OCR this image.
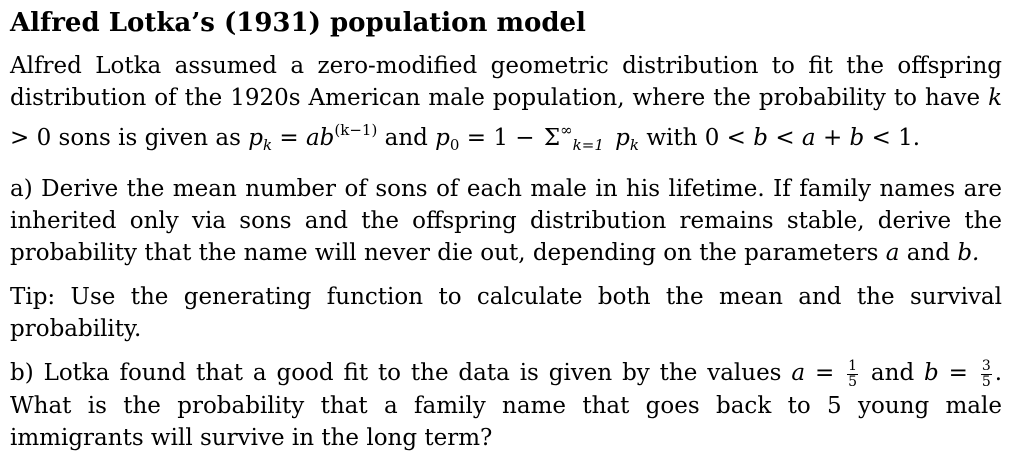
Alfred Lotka’s (1931) population model

Alfred Lotka assumed a zero-modified geometric distribution to fit the offspring distribution of the 1920s American male population, where the probability to have k > 0 sons is given as $p_k = ab^{(k-1)}$ and $p_0 = 1 - \Sigma^\infty_{k=1}$ $p_k$ with 0 < b < a + b < 1.

a) Derive the mean number of sons of each male in his lifetime. If family names are inherited only via sons and the offspring distribution remains stable, derive the probability that the name will never die out, depending on the parameters a and b.

Tip: Use the generating function to calculate both the mean and the survival probability.

b) Lotka found that a good fit to the data is given by the values $a = \frac{1}{5}$ and $b = \frac{3}{5}$ . What is the probability that a family name that goes back to 5 young male immigrants will survive in the long term?
